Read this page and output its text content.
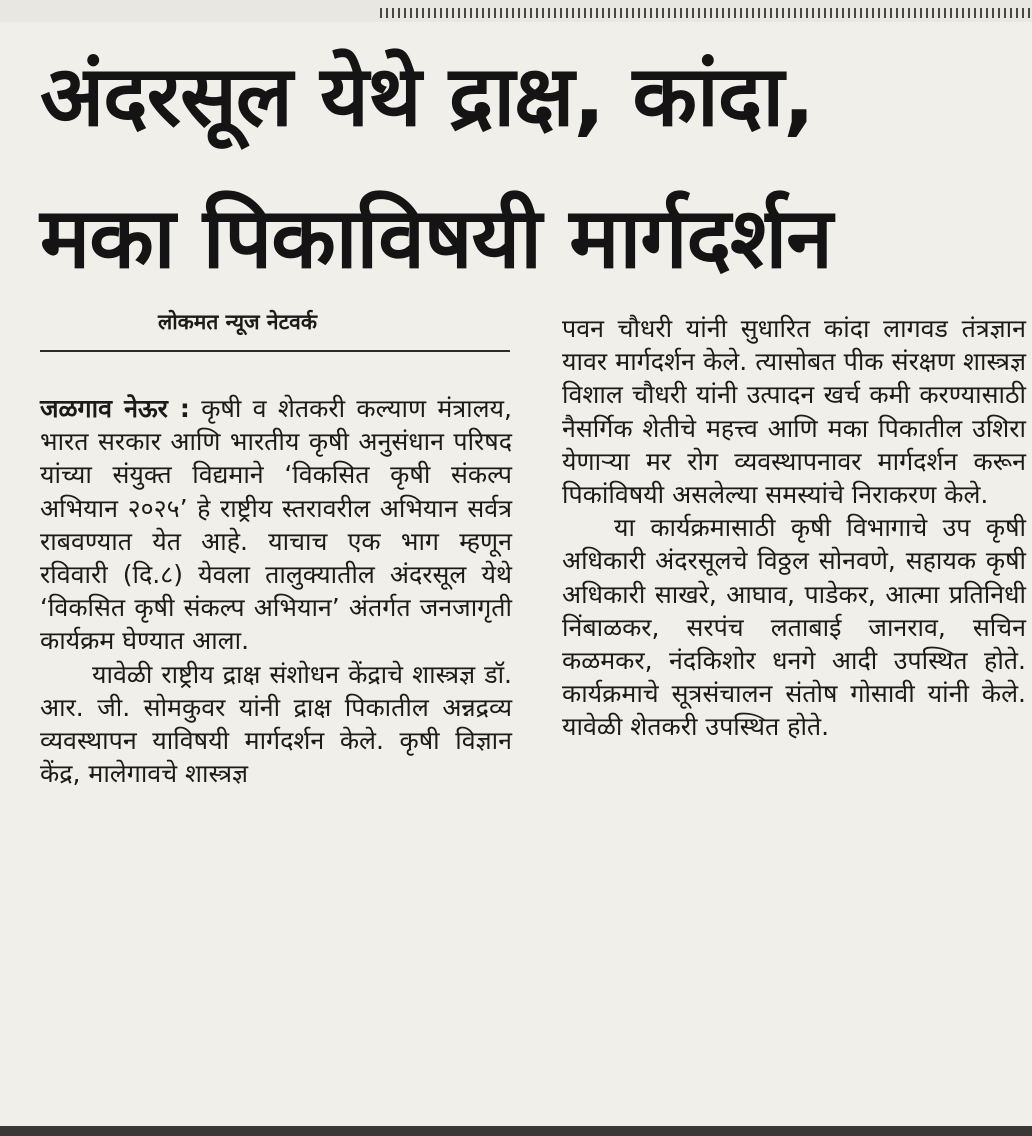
अंदरसूल येथे द्राक्ष, कांदा,
मका पिकाविषयी मार्गदर्शन
लोकमत न्यूज नेटवर्क

जळगाव नेऊर : कृषी व शेतकरी कल्याण मंत्रालय, भारत सरकार आणि भारतीय कृषी अनुसंधान परिषद यांच्या संयुक्त विद्यमाने ‘विकसित कृषी संकल्प अभियान २०२५’ हे राष्ट्रीय स्तरावरील अभियान सर्वत्र राबवण्यात येत आहे. याचाच एक भाग म्हणून रविवारी (दि.८) येवला तालुक्यातील अंदरसूल येथे ‘विकसित कृषी संकल्प अभियान’ अंतर्गत जनजागृती कार्यक्रम घेण्यात आला.

यावेळी राष्ट्रीय द्राक्ष संशोधन केंद्राचे शास्त्रज्ञ डॉ. आर. जी. सोमकुवर यांनी द्राक्ष पिकातील अन्नद्रव्य व्यवस्थापन याविषयी मार्गदर्शन केले. कृषी विज्ञान केंद्र, मालेगावचे शास्त्रज्ञ

पवन चौधरी यांनी सुधारित कांदा लागवड तंत्रज्ञान यावर मार्गदर्शन केले. त्यासोबत पीक संरक्षण शास्त्रज्ञ विशाल चौधरी यांनी उत्पादन खर्च कमी करण्यासाठी नैसर्गिक शेतीचे महत्त्व आणि मका पिकातील उशिरा येणाऱ्या मर रोग व्यवस्थापनावर मार्गदर्शन करून पिकांविषयी असलेल्या समस्यांचे निराकरण केले.

या कार्यक्रमासाठी कृषी विभागाचे उप कृषी अधिकारी अंदरसूलचे विठ्ठल सोनवणे, सहायक कृषी अधिकारी साखरे, आघाव, पाडेकर, आत्मा प्रतिनिधी निंबाळकर, सरपंच लताबाई जानराव, सचिन कळमकर, नंदकिशोर धनगे आदी उपस्थित होते. कार्यक्रमाचे सूत्रसंचालन संतोष गोसावी यांनी केले. यावेळी शेतकरी उपस्थित होते.
